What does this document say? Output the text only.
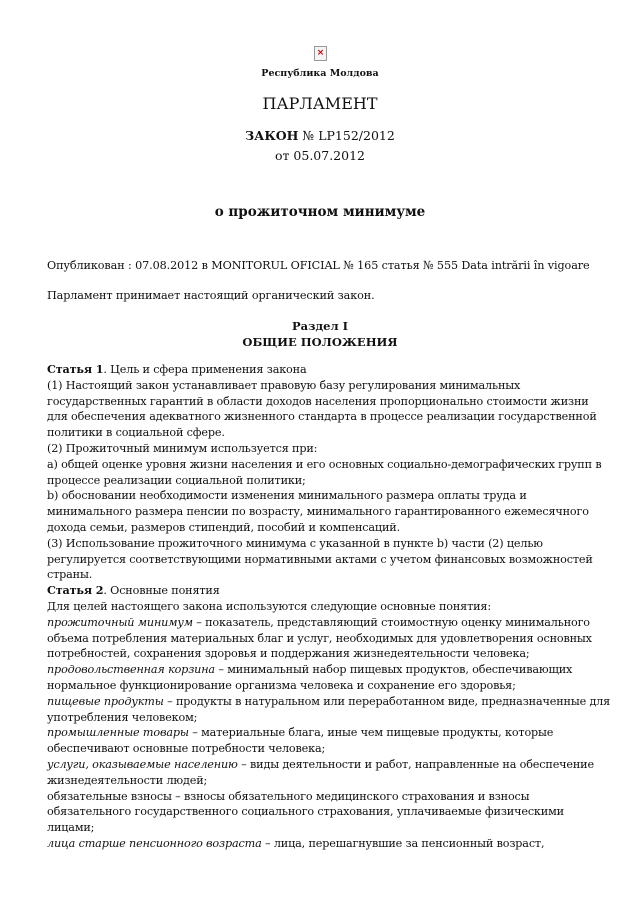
×
Республика Молдова
ПАРЛАМЕНТ
ЗАКОН № LP152/2012
от 05.07.2012
о прожиточном минимуме
Опубликован : 07.08.2012 в MONITORUL OFICIAL № 165 статья № 555 Data intrării în vigoare
Парламент принимает настоящий органический закон.
Раздел I
ОБЩИЕ ПОЛОЖЕНИЯ
Статья 1. Цель и сфера применения закона
(1) Настоящий закон устанавливает правовую базу регулирования минимальных
государственных гарантий в области доходов населения пропорционально стоимости жизни
для обеспечения адекватного жизненного стандарта в процессе реализации государственной
политики в социальной сфере.
(2) Прожиточный минимум используется при:
a) общей оценке уровня жизни населения и его основных социально-демографических групп в
процессе реализации социальной политики;
b) обосновании необходимости изменения минимального размера оплаты труда и
минимального размера пенсии по возрасту, минимального гарантированного ежемесячного
дохода семьи, размеров стипендий, пособий и компенсаций.
(3) Использование прожиточного минимума с указанной в пункте b) части (2) целью
регулируется соответствующими нормативными актами с учетом финансовых возможностей
страны.
Статья 2. Основные понятия
Для целей настоящего закона используются следующие основные понятия:
прожиточный минимум – показатель, представляющий стоимостную оценку минимального
объема потребления материальных благ и услуг, необходимых для удовлетворения основных
потребностей, сохранения здоровья и поддержания жизнедеятельности человека;
продовольственная корзина – минимальный набор пищевых продуктов, обеспечивающих
нормальное функционирование организма человека и сохранение его здоровья;
пищевые продукты – продукты в натуральном или переработанном виде, предназначенные для
употребления человеком;
промышленные товары – материальные блага, иные чем пищевые продукты, которые
обеспечивают основные потребности человека;
услуги, оказываемые населению – виды деятельности и работ, направленные на обеспечение
жизнедеятельности людей;
обязательные взносы – взносы обязательного медицинского страхования и взносы
обязательного государственного социального страхования, уплачиваемые физическими
лицами;
лица старше пенсионного возраста – лица, перешагнувшие за пенсионный возраст,
